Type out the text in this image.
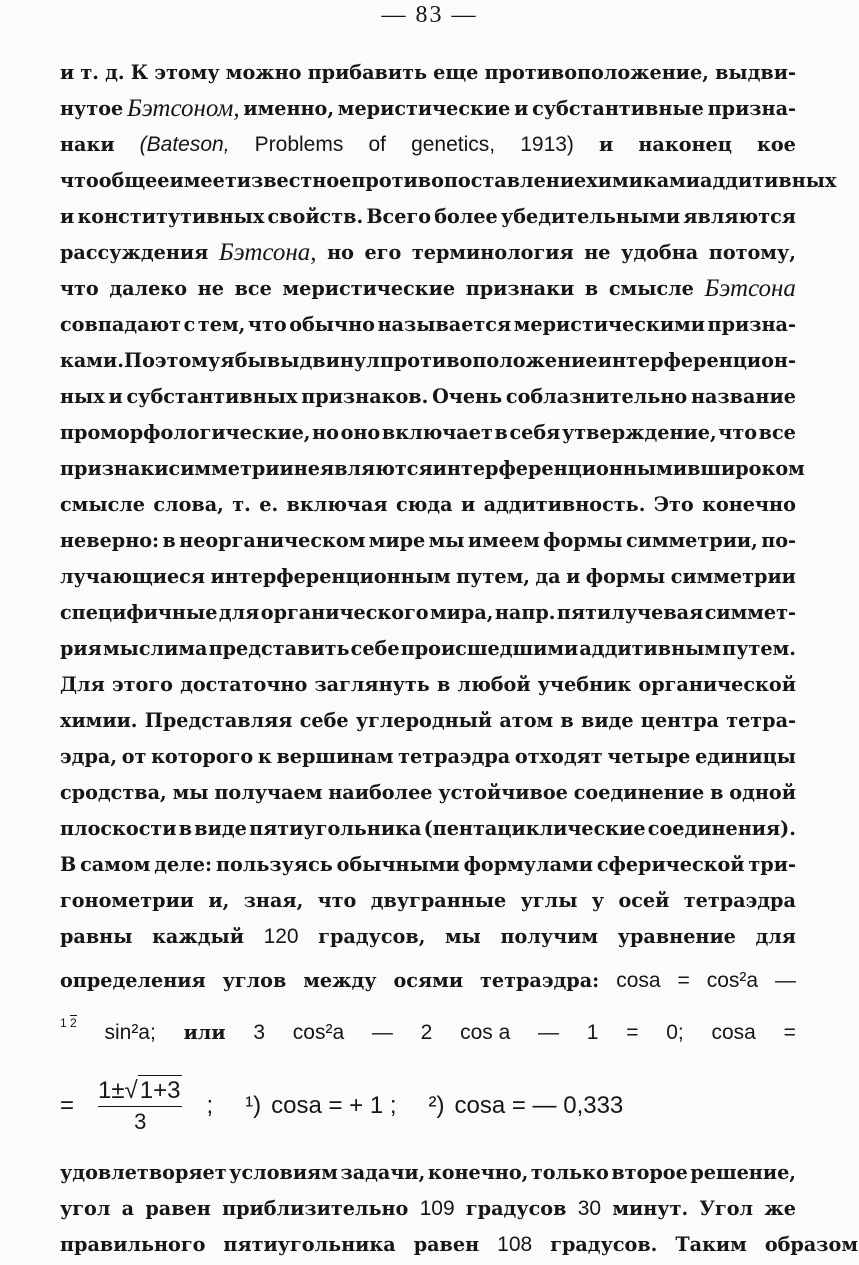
— 83 —
и т. д. К этому можно прибавить еще противоположение, выдви-
нутое Бэтсоном, именно, меристические и субстантивные призна-
наки (Bateson, Problems of genetics, 1913) и наконец кое
что общее имеет известное противопоставление химиками аддитивных
и конститутивных свойств. Всего более убедительными являются
рассуждения Бэтсона, но его терминология не удобна потому,
что далеко не все меристические признаки в смысле Бэтсона
совпадают с тем, что обычно называется меристическими призна-
ками. Поэтому я бы выдвинул противоположение интерференцион-
ных и субстантивных признаков. Очень соблазнительно название
проморфологические, но оно включает в себя утверждение, что все
признаки симметрии не являются интерференционными в широком
смысле слова, т. е. включая сюда и аддитивность. Это конечно
неверно: в неорганическом мире мы имеем формы симметрии, по-
лучающиеся интерференционным путем, да и формы симметрии
специфичные для органического мира, напр. пятилучевая симмет-
рия мыслима представить себе происшедшими аддитивным путем.
Для этого достаточно заглянуть в любой учебник органической
химии. Представляя себе углеродный атом в виде центра тетра-
эдра, от которого к вершинам тетраэдра отходят четыре единицы
сродства, мы получаем наиболее устойчивое соединение в одной
плоскости в виде пятиугольника (пентациклические соединения).
В самом деле: пользуясь обычными формулами сферической три-
гонометрии и, зная, что двугранные углы у осей тетраэдра
равны каждый 120 градусов, мы получим уравнение для
определения углов между осями тетраэдра: cosa = cos²a —
1 2 sin²a; или 3 cos²a — 2 cos a — 1 = 0; cosa =
= $\frac{1\pm √ 1+3}{3}$ ; ¹) cosa = + 1 ; ²) cosa = — 0,333
удовлетворяет условиям задачи, конечно, только второе решение,
угол а равен приблизительно 109 градусов 30 минут. Угол же
правильного пятиугольника равен 108 градусов. Таким образом
